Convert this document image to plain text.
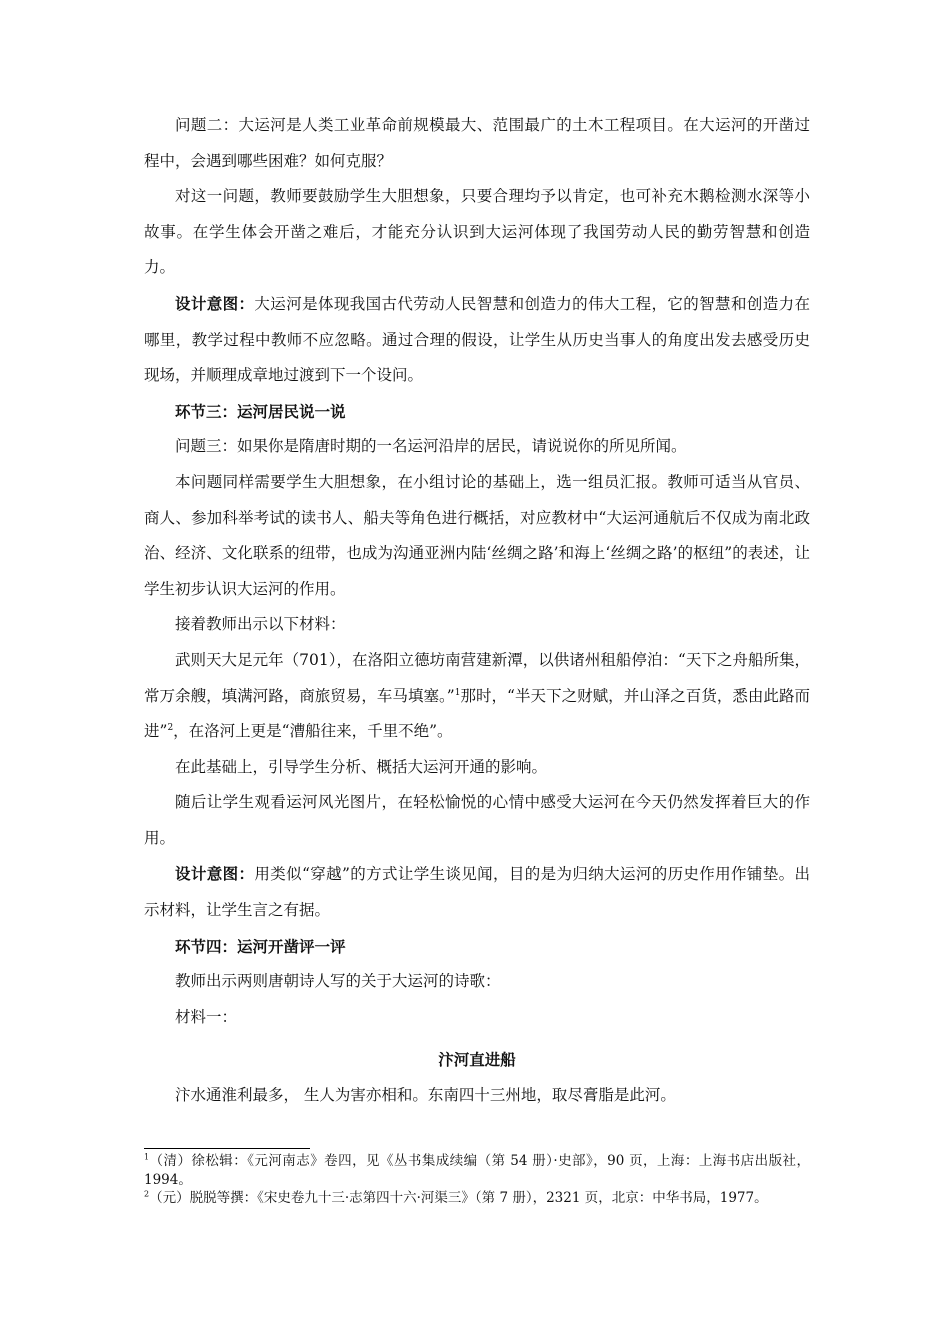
问题二：大运河是人类工业革命前规模最大、范围最广的土木工程项目。在大运河的开凿过程中，会遇到哪些困难？如何克服？

对这一问题，教师要鼓励学生大胆想象，只要合理均予以肯定，也可补充木鹅检测水深等小故事。在学生体会开凿之难后，才能充分认识到大运河体现了我国劳动人民的勤劳智慧和创造力。

设计意图：大运河是体现我国古代劳动人民智慧和创造力的伟大工程，它的智慧和创造力在哪里，教学过程中教师不应忽略。通过合理的假设，让学生从历史当事人的角度出发去感受历史现场，并顺理成章地过渡到下一个设问。

环节三：运河居民说一说

问题三：如果你是隋唐时期的一名运河沿岸的居民，请说说你的所见所闻。

本问题同样需要学生大胆想象，在小组讨论的基础上，选一组员汇报。教师可适当从官员、商人、参加科举考试的读书人、船夫等角色进行概括，对应教材中“大运河通航后不仅成为南北政治、经济、文化联系的纽带，也成为沟通亚洲内陆‘丝绸之路’和海上‘丝绸之路’的枢纽”的表述，让学生初步认识大运河的作用。

接着教师出示以下材料：

武则天大足元年（701），在洛阳立德坊南营建新潭，以供诸州租船停泊：“天下之舟船所集，常万余艘，填满河路，商旅贸易，车马填塞。”$^1$那时，“半天下之财赋，并山泽之百货，悉由此路而进”$^2$，在洛河上更是“漕船往来，千里不绝”。

在此基础上，引导学生分析、概括大运河开通的影响。

随后让学生观看运河风光图片，在轻松愉悦的心情中感受大运河在今天仍然发挥着巨大的作用。

设计意图：用类似“穿越”的方式让学生谈见闻，目的是为归纳大运河的历史作用作铺垫。出示材料，让学生言之有据。

环节四：运河开凿评一评

教师出示两则唐朝诗人写的关于大运河的诗歌：

材料一：

汴河直进船

汴水通淮利最多， 生人为害亦相和。东南四十三州地，取尽膏脂是此河。

$^1$（清）徐松辑：《元河南志》卷四，见《丛书集成续编（第 54 册）·史部》，90 页，上海：上海书店出版社，1994。

$^2$（元）脱脱等撰：《宋史卷九十三·志第四十六·河渠三》（第 7 册），2321 页，北京：中华书局，1977。
